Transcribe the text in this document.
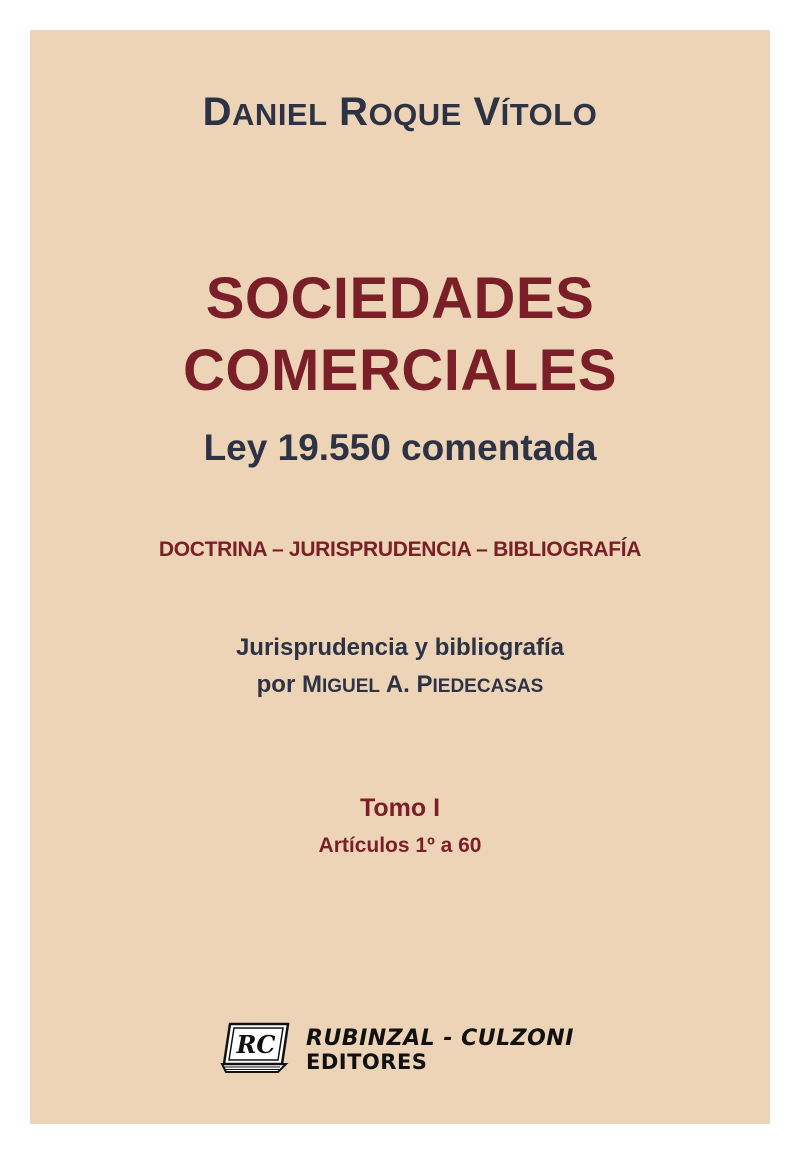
DANIEL ROQUE VÍTOLO
SOCIEDADES
COMERCIALES
Ley 19.550 comentada
DOCTRINA – JURISPRUDENCIA – BIBLIOGRAFÍA
Jurisprudencia y bibliografía
por MIGUEL A. PIEDECASAS
Tomo I
Artículos 1º a 60
RC RUBINZAL - CULZONI
EDITORES
